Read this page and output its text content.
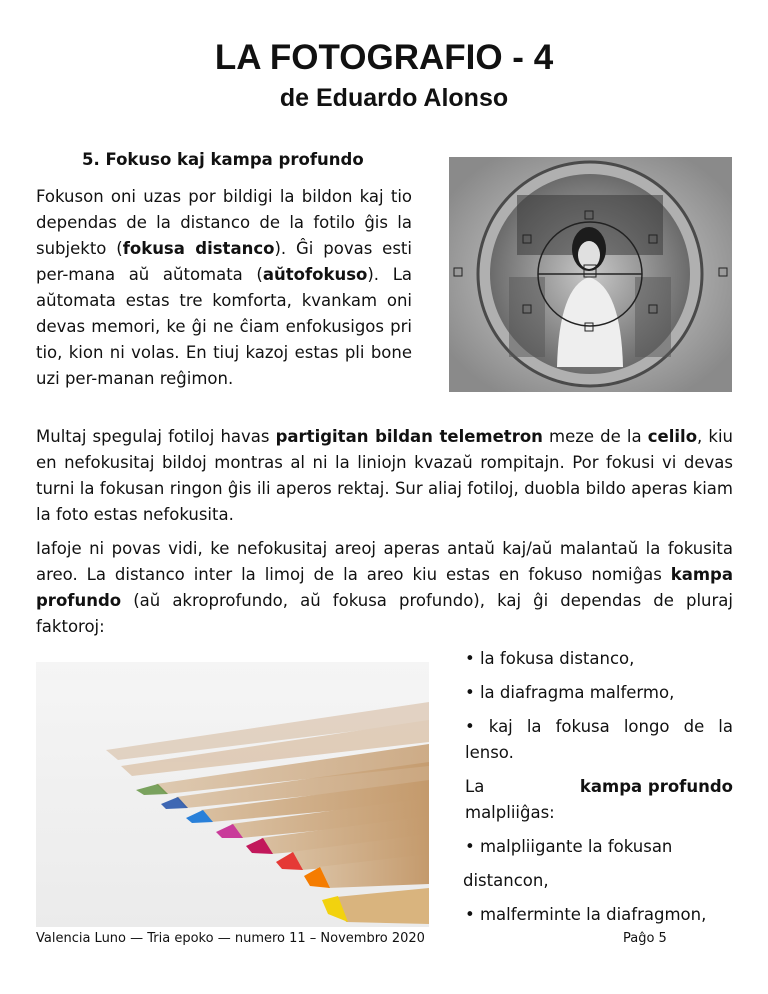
LA FOTOGRAFIO - 4
de Eduardo Alonso
5. Fokuso kaj kampa profundo

Fokuson oni uzas por bildigi la bildon kaj tio dependas de la distanco de la fotilo ĝis la subjekto (fokusa distanco). Ĝi povas esti per-mana aŭ aŭtomata (aŭtofokuso). La aŭtomata estas tre komforta, kvankam oni devas memori, ke ĝi ne ĉiam enfokusigos pri tio, kion ni volas. En tiuj kazoj estas pli bone uzi per-manan reĝimon.

Multaj spegulaj fotiloj havas partigitan bildan telemetron meze de la celilo, kiu en nefokusitaj bildoj montras al ni la liniojn kvazaŭ rompitajn. Por fokusi vi devas turni la fokusan ringon ĝis ili aperos rektaj. Sur aliaj fotiloj, duobla bildo aperas kiam la foto estas nefokusita.

Iafoje ni povas vidi, ke nefokusitaj areoj aperas antaŭ kaj/aŭ malantaŭ la fokusita areo. La distanco inter la limoj de la areo kiu estas en fokuso nomiĝas kampa profundo (aŭ akroprofundo, aŭ fokusa profundo), kaj ĝi dependas de pluraj faktoroj:

• la fokusa distanco,

• la diafragma malfermo,

• kaj la fokusa longo de la lenso.

La	kampa profundo

malpliiĝas:

• malpliigante la fokusan

distancon,

• malferminte la diafragmon,

Valencia Luno — Tria epoko — numero 11 – Novembro 2020	Paĝo 5
